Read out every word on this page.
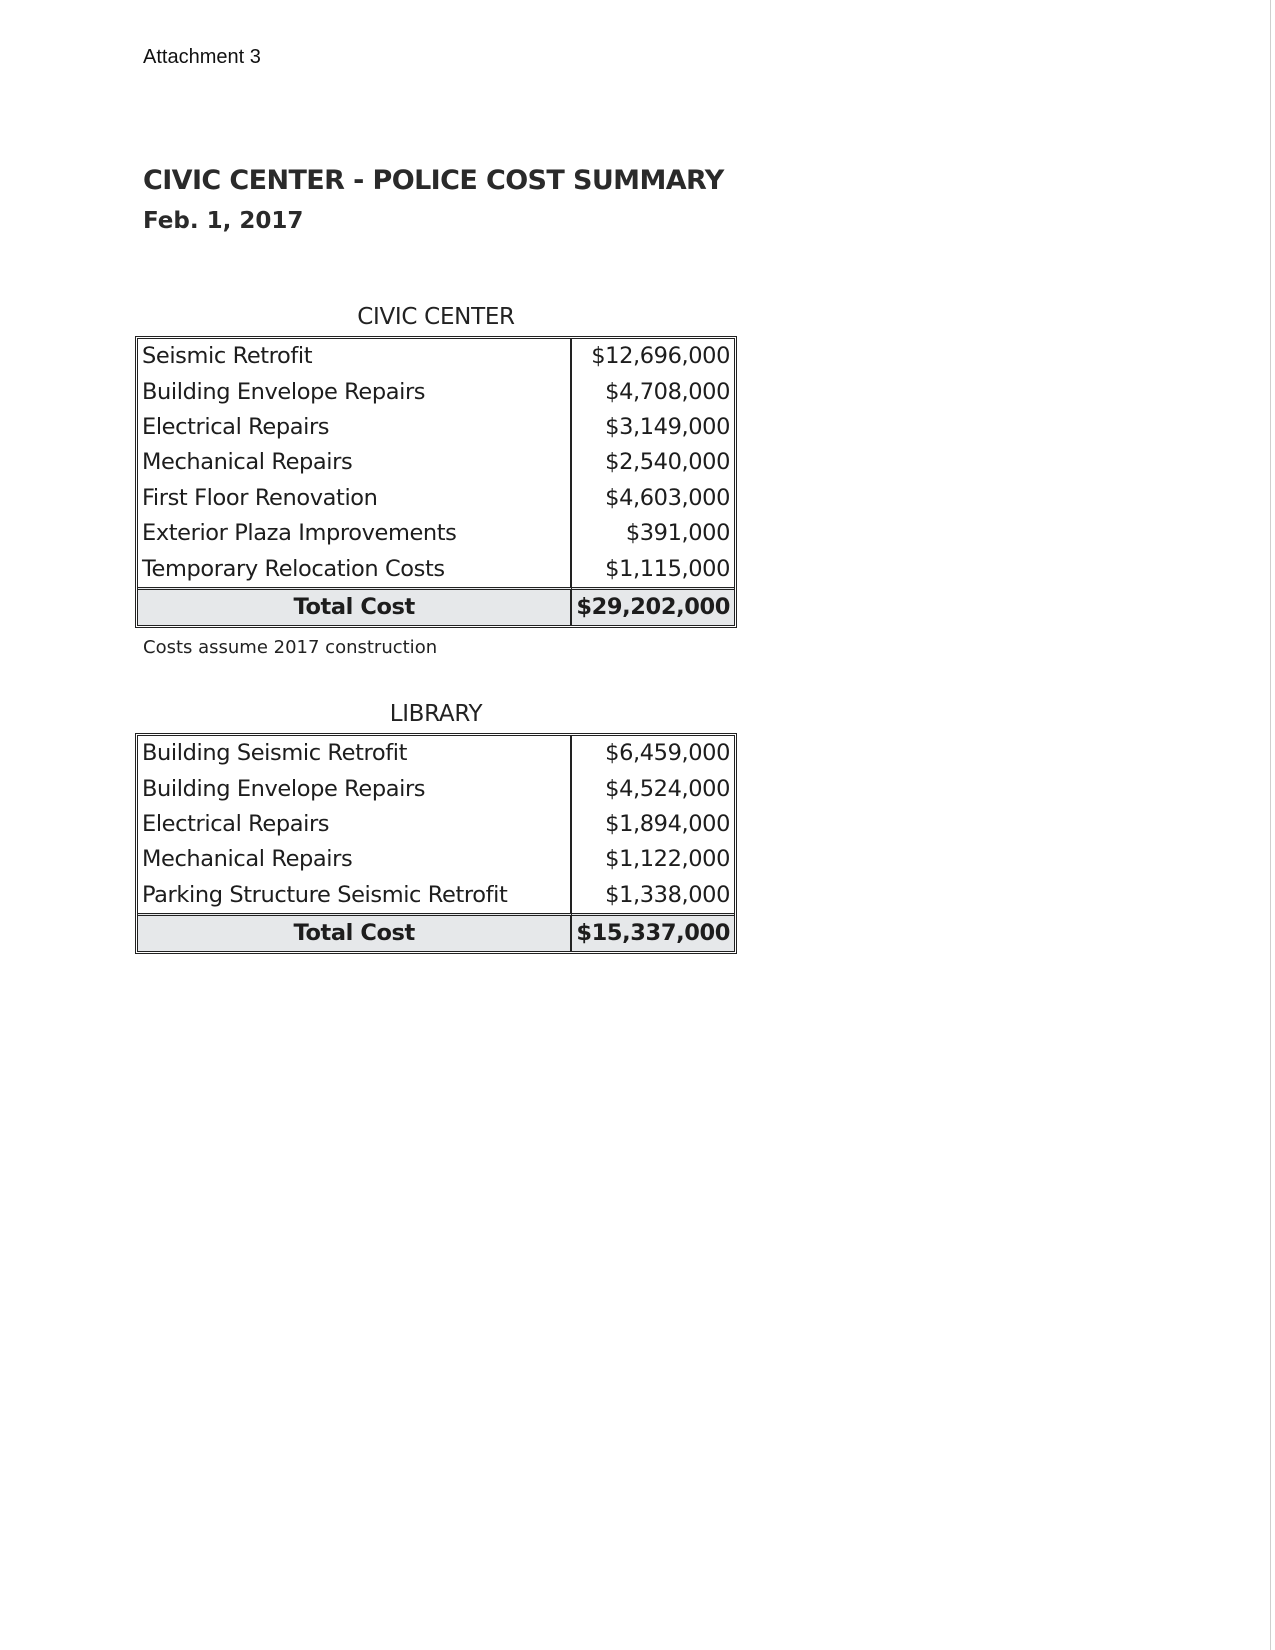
Attachment 3
CIVIC CENTER - POLICE COST SUMMARY
Feb. 1, 2017
CIVIC CENTER
Seismic Retrofit	$12,696,000
Building Envelope Repairs	$4,708,000
Electrical Repairs	$3,149,000
Mechanical Repairs	$2,540,000
First Floor Renovation	$4,603,000
Exterior Plaza Improvements	$391,000
Temporary Relocation Costs	$1,115,000
Total Cost	$29,202,000
Costs assume 2017 construction
LIBRARY
Building Seismic Retrofit	$6,459,000
Building Envelope Repairs	$4,524,000
Electrical Repairs	$1,894,000
Mechanical Repairs	$1,122,000
Parking Structure Seismic Retrofit	$1,338,000
Total Cost	$15,337,000
